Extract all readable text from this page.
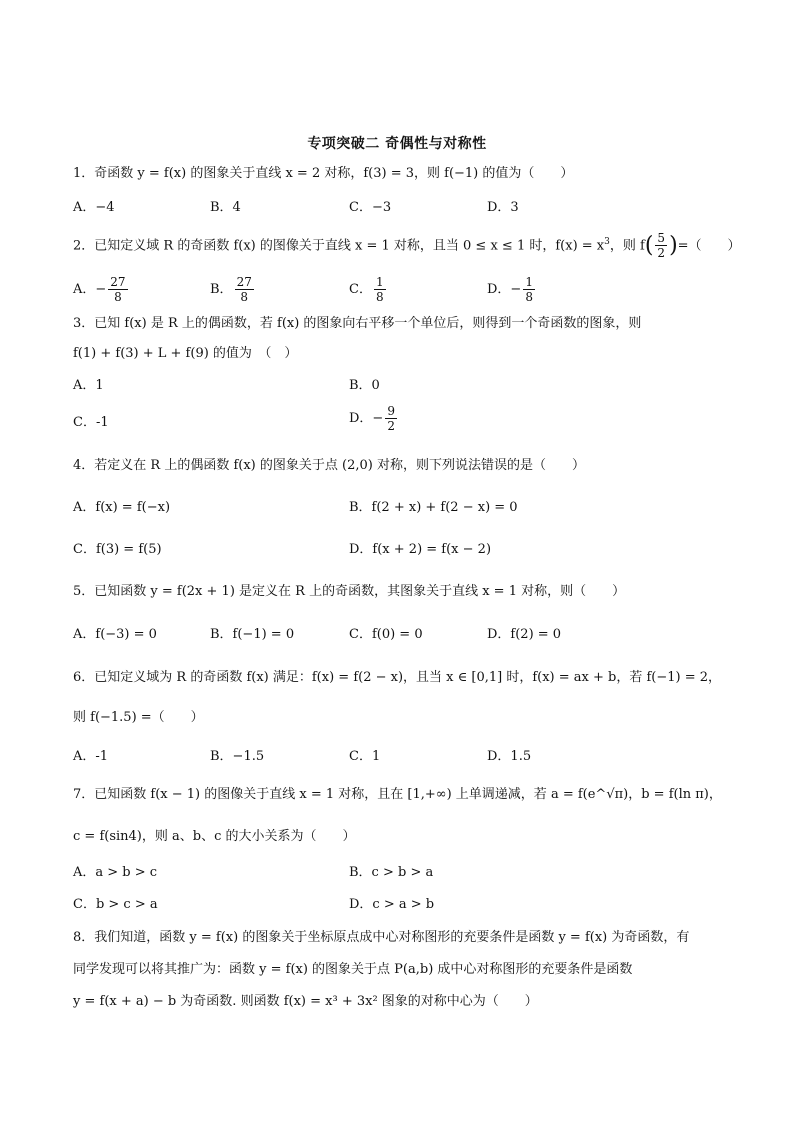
专项突破二 奇偶性与对称性
1．奇函数 y = f(x) 的图象关于直线 x = 2 对称，f(3) = 3，则 f(−1) 的值为（　　）
A．−4	B．4	C．−3	D．3
2．已知定义域 R 的奇函数 f(x) 的图像关于直线 x = 1 对称，且当 0 ≤ x ≤ 1 时，$f(x) = x^3$，则 $f( \frac{5}{2}$ )=（　　）
A．− $\frac{27}{8}$	B． $\frac{27}{8}$	C． $\frac{1}{8}$	D．− $\frac{1}{8}$
3．已知 f(x) 是 R 上的偶函数，若 f(x) 的图象向右平移一个单位后，则得到一个奇函数的图象，则
f(1) + f(3) + L + f(9) 的值为　（　）
A．1	B．0
C．-1	D．− $\frac{9}{2}$
4．若定义在 R 上的偶函数 f(x) 的图象关于点 (2,0) 对称，则下列说法错误的是（　　）
A．f(x) = f(−x)	B．f(2 + x) + f(2 − x) = 0
C．f(3) = f(5)	D．f(x + 2) = f(x − 2)
5．已知函数 y = f(2x + 1) 是定义在 R 上的奇函数，其图象关于直线 x = 1 对称，则（　　）
A．f(−3) = 0	B．f(−1) = 0	C．f(0) = 0	D．f(2) = 0
6．已知定义域为 R 的奇函数 f(x) 满足：f(x) = f(2 − x)，且当 x ∈ [0,1] 时，f(x) = ax + b，若 f(−1) = 2，
则 f(−1.5) =（　　）
A．-1	B．−1.5	C．1	D．1.5
7．已知函数 f(x − 1) 的图像关于直线 x = 1 对称，且在 [1,+∞) 上单调递减，若 a = f(e^√π)，b = f(ln π)，
c = f(sin4)，则 a、b、c 的大小关系为（　　）
A．a > b > c	B．c > b > a
C．b > c > a	D．c > a > b
8．我们知道，函数 y = f(x) 的图象关于坐标原点成中心对称图形的充要条件是函数 y = f(x) 为奇函数，有
同学发现可以将其推广为：函数 y = f(x) 的图象关于点 P(a,b) 成中心对称图形的充要条件是函数
y = f(x + a) − b 为奇函数. 则函数 f(x) = x³ + 3x² 图象的对称中心为（　　）
